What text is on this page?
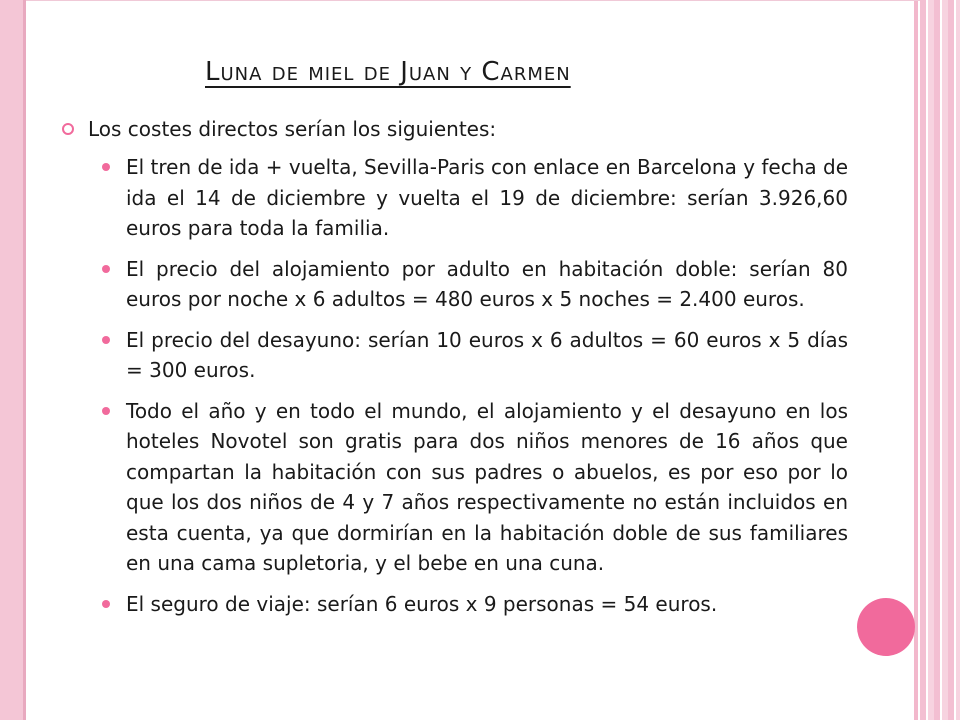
Luna de miel de Juan y Carmen
Los costes directos serían los siguientes:
El tren de ida + vuelta, Sevilla-Paris con enlace en Barcelona y fecha de ida el 14 de diciembre y vuelta el 19 de diciembre: serían 3.926,60 euros para toda la familia.
El precio del alojamiento por adulto en habitación doble: serían 80 euros por noche x 6 adultos = 480 euros x 5 noches = 2.400 euros.
El precio del desayuno: serían 10 euros x 6 adultos = 60 euros x 5 días = 300 euros.
Todo el año y en todo el mundo, el alojamiento y el desayuno en los hoteles Novotel son gratis para dos niños menores de 16 años que compartan la habitación con sus padres o abuelos, es por eso por lo que los dos niños de 4 y 7 años respectivamente no están incluidos en esta cuenta, ya que dormirían en la habitación doble de sus familiares en una cama supletoria, y el bebe en una cuna.
El seguro de viaje: serían 6 euros x 9 personas = 54 euros.
